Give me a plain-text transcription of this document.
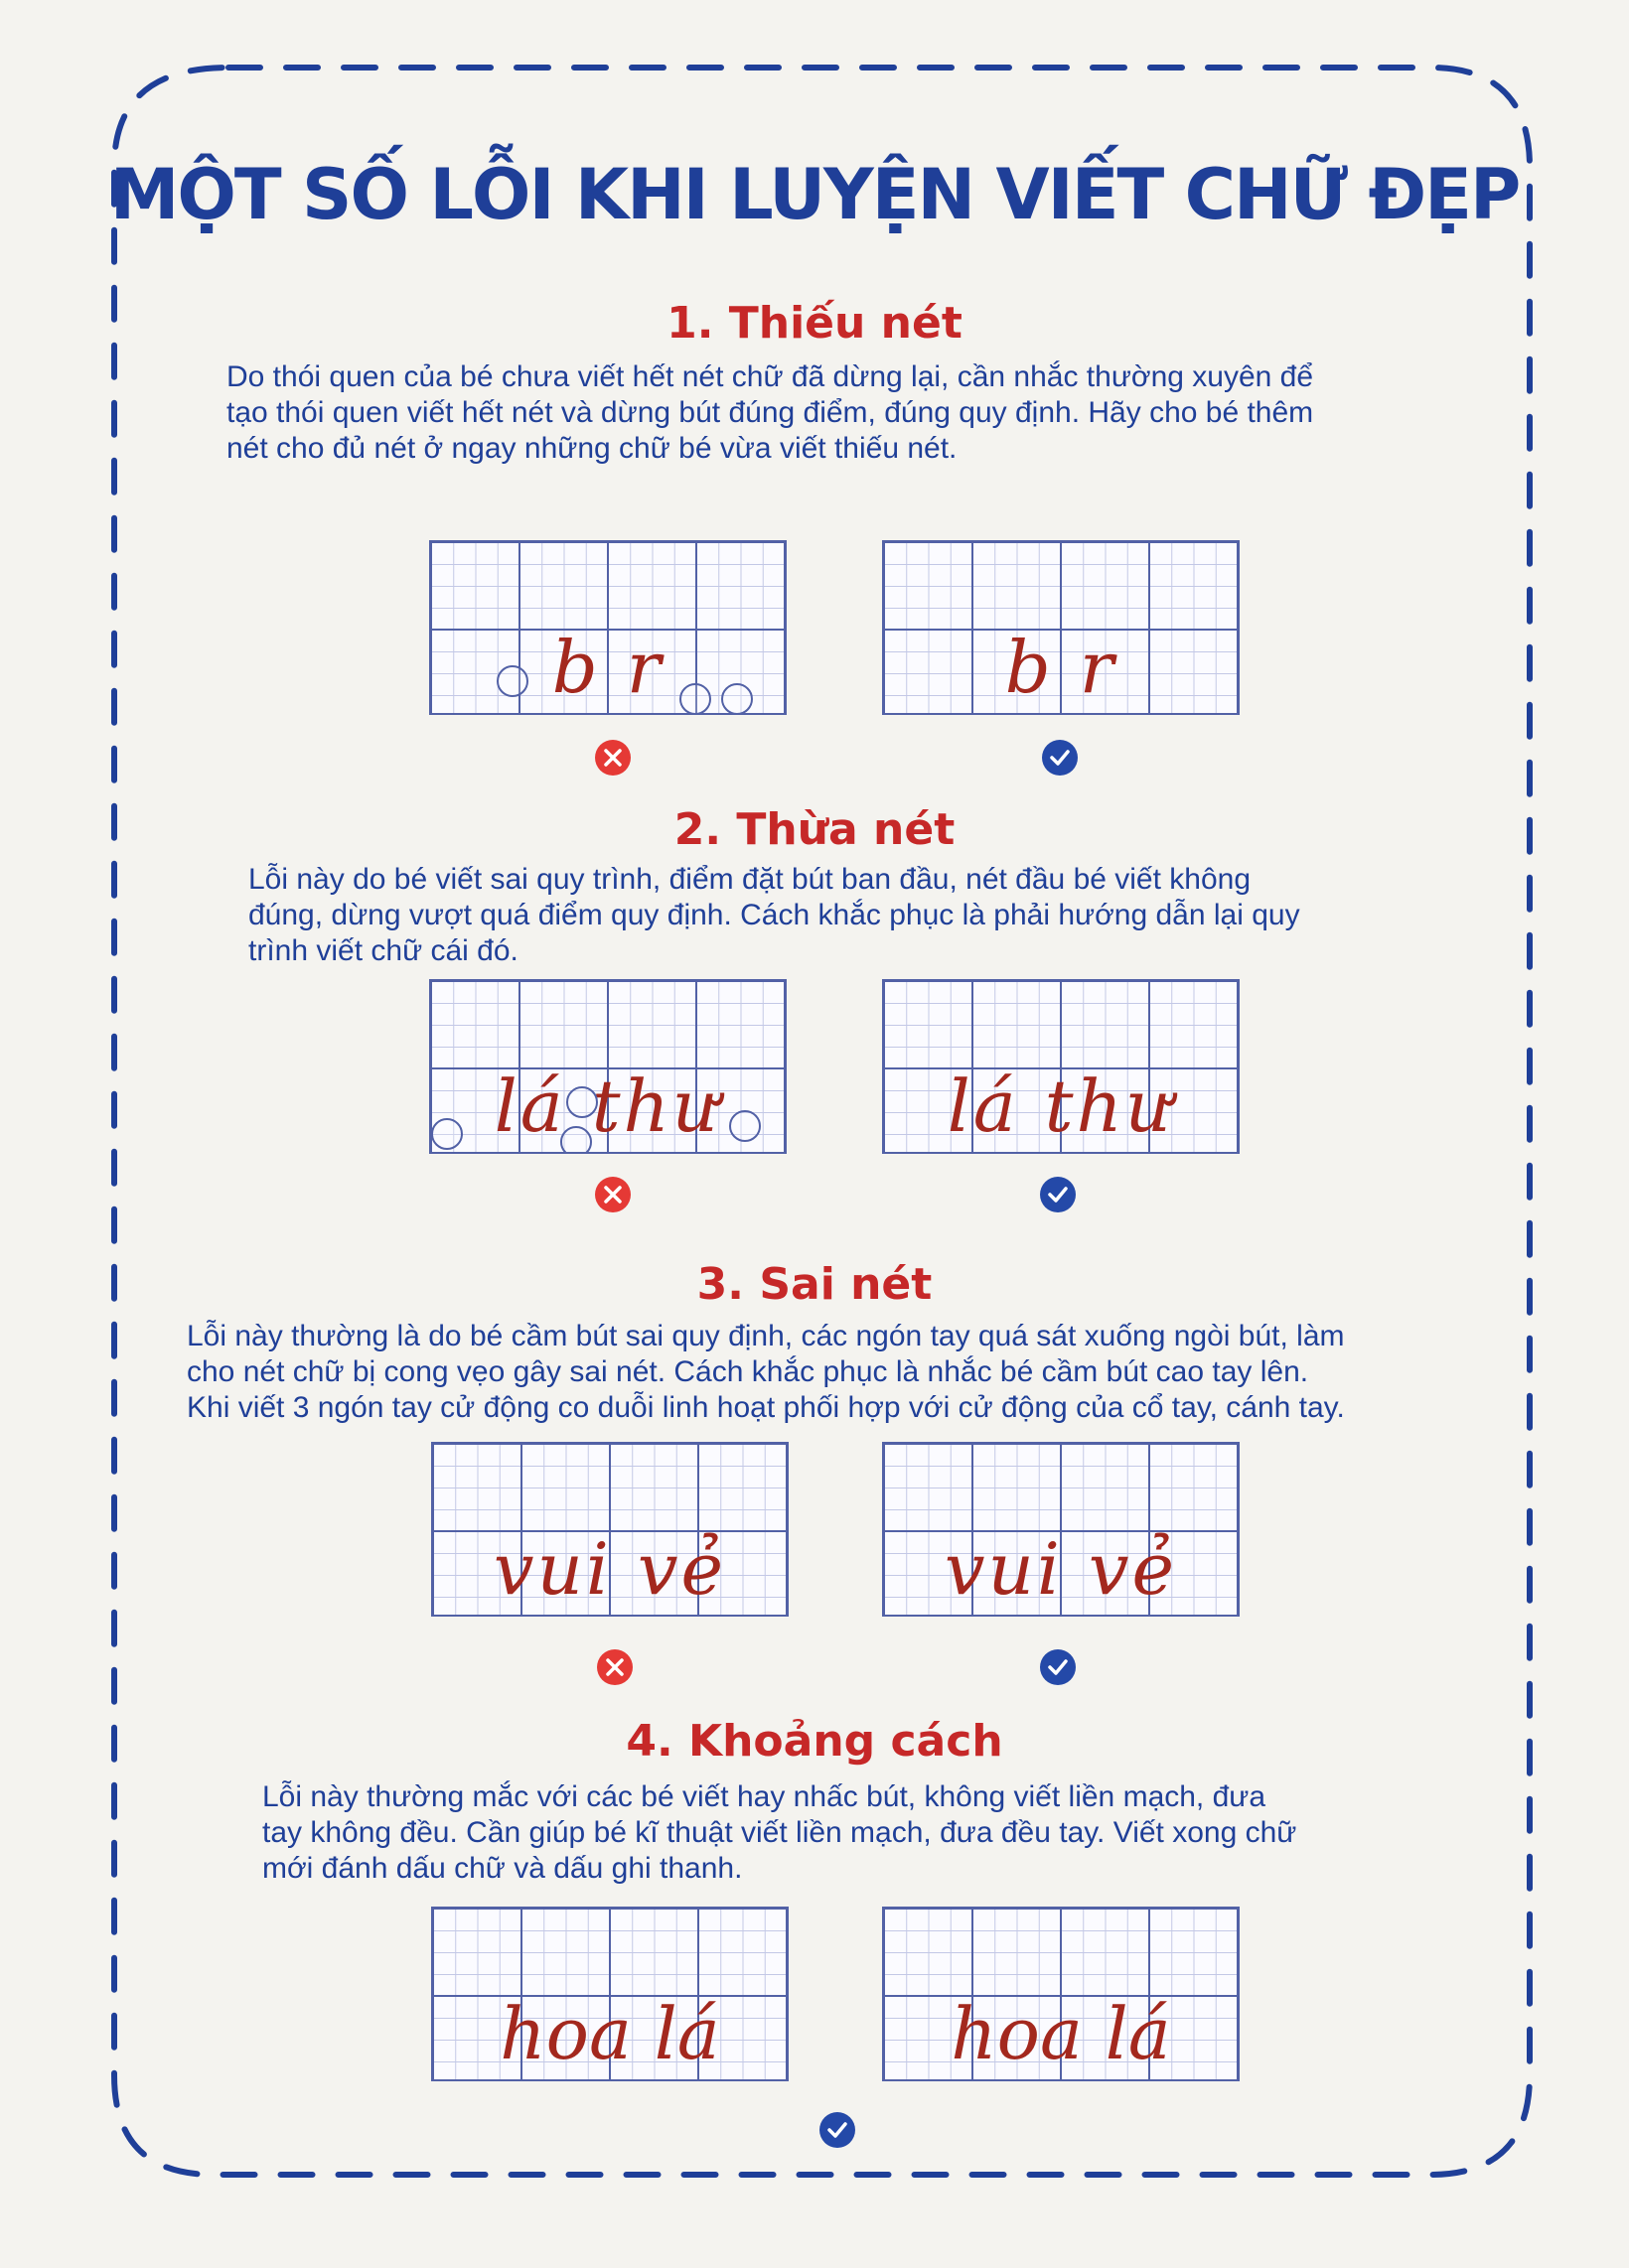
MỘT SỐ LỖI KHI LUYỆN VIẾT CHỮ ĐẸP
1. Thiếu nét
Do thói quen của bé chưa viết hết nét chữ đã dừng lại, cần nhắc thường xuyên để
tạo thói quen viết hết nét và dừng bút đúng điểm, đúng quy định. Hãy cho bé thêm
nét cho đủ nét ở ngay những chữ bé vừa viết thiếu nét.
b r	b r
2. Thừa nét
Lỗi này do bé viết sai quy trình, điểm đặt bút ban đầu, nét đầu bé viết không
đúng, dừng vượt quá điểm quy định. Cách khắc phục là phải hướng dẫn lại quy
trình viết chữ cái đó.
lá thư	lá thư
3. Sai nét
Lỗi này thường là do bé cầm bút sai quy định, các ngón tay quá sát xuống ngòi bút, làm
cho nét chữ bị cong vẹo gây sai nét. Cách khắc phục là nhắc bé cầm bút cao tay lên.
Khi viết 3 ngón tay cử động co duỗi linh hoạt phối hợp với cử động của cổ tay, cánh tay.
vui vẻ	vui vẻ
4. Khoảng cách
Lỗi này thường mắc với các bé viết hay nhấc bút, không viết liền mạch, đưa
tay không đều. Cần giúp bé kĩ thuật viết liền mạch, đưa đều tay. Viết xong chữ
mới đánh dấu chữ và dấu ghi thanh.
hoa lá	hoa lá
